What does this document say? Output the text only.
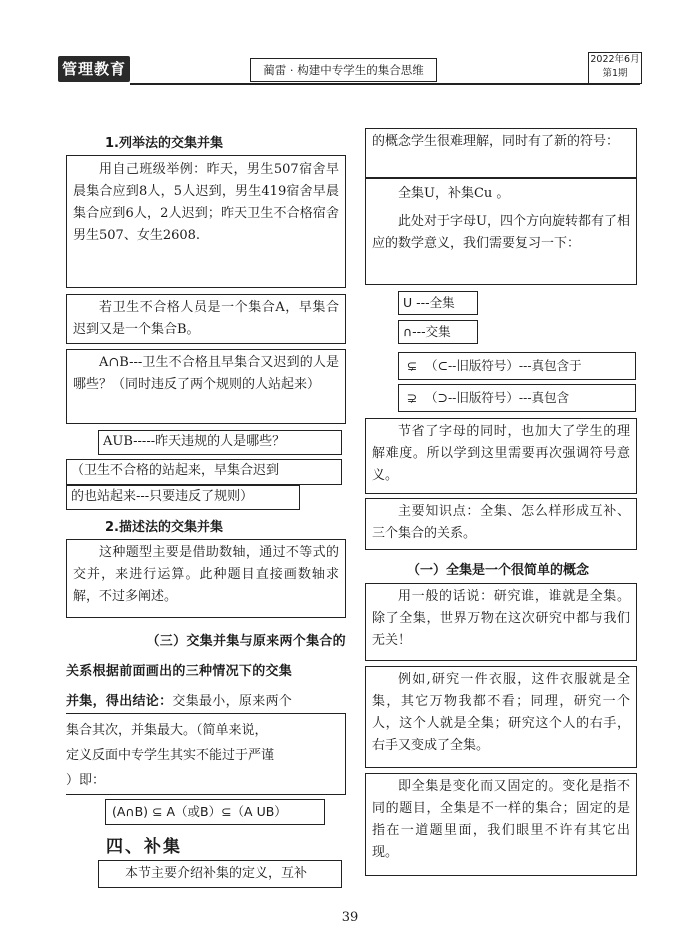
管理教育	蔺雷 · 构建中专学生的集合思维
2022年6月
第1期
1.列举法的交集并集
用自己班级举例：昨天，男生507宿舍早晨集合应到8人，5人迟到，男生419宿舍早晨集合应到6人，2人迟到；昨天卫生不合格宿舍男生507、女生2608.
若卫生不合格人员是一个集合A，早集合迟到又是一个集合B。
A∩B---卫生不合格且早集合又迟到的人是哪些？（同时违反了两个规则的人站起来）
AUB-----昨天违规的人是哪些？
（卫生不合格的站起来，早集合迟到
的也站起来---只要违反了规则）
2.描述法的交集并集
这种题型主要是借助数轴，通过不等式的交并，来进行运算。此种题目直接画数轴求解，不过多阐述。
（三）交集并集与原来两个集合的
关系根据前面画出的三种情况下的交集
并集，得出结论：交集最小，原来两个
集合其次，并集最大。（简单来说，
定义反面中专学生其实不能过于严谨
）即：
(A∩B) ⊆ A（或B）⊆（A UB）
四、补集
本节主要介绍补集的定义，互补
的概念学生很难理解，同时有了新的符号：
全集U，补集Cu 。
此处对于字母U，四个方向旋转都有了相应的数学意义，我们需要复习一下：
U ---全集
∩---交集
⊊ （⊂--旧版符号）---真包含于
⊋ （⊃--旧版符号）---真包含
节省了字母的同时，也加大了学生的理解难度。所以学到这里需要再次强调符号意义。
主要知识点：全集、怎么样形成互补、三个集合的关系。
（一）全集是一个很简单的概念
用一般的话说：研究谁，谁就是全集。除了全集，世界万物在这次研究中都与我们无关！
例如,研究一件衣服，这件衣服就是全集，其它万物我都不看；同理，研究一个人，这个人就是全集；研究这个人的右手，右手又变成了全集。
即全集是变化而又固定的。变化是指不同的题目，全集是不一样的集合；固定的是指在一道题里面，我们眼里不许有其它出现。
39
